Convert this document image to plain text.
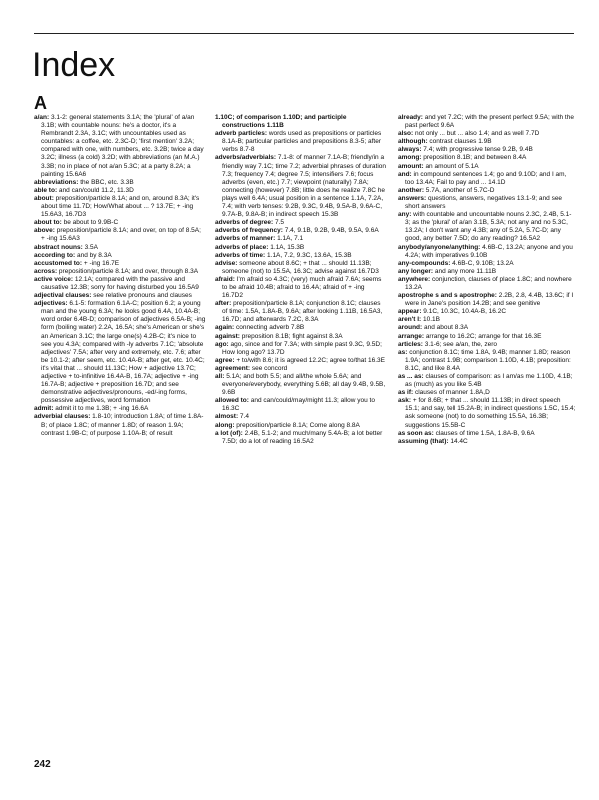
Index
A

a/an: 3.1-2: general statements 3.1A; the 'plural' of a/an 3.1B; with countable nouns: he's a doctor, it's a Rembrandt 2.3A, 3.1C; with uncountables used as countables: a coffee, etc. 2.3C-D; 'first mention' 3.2A; compared with one, with numbers, etc. 3.2B; twice a day 3.2C; illness (a cold) 3.2D; with abbreviations (an M.A.) 3.3B; no in place of not a/an 5.3C; at a party 8.2A; a painting 15.6A6

abbreviations: the BBC, etc. 3.3B

able to: and can/could 11.2, 11.3D

about: preposition/particle 8.1A; and on, around 8.3A; it's about time 11.7D; How/What about ... ? 13.7E; + -ing 15.6A3, 16.7D3

about to: be about to 9.9B-C

above: preposition/particle 8.1A; and over, on top of 8.5A; + -ing 15.6A3

abstract nouns: 3.5A

according to: and by 8.3A

accustomed to: + -ing 16.7E

across: preposition/particle 8.1A; and over, through 8.3A

active voice: 12.1A; compared with the passive and causative 12.3B; sorry for having disturbed you 16.5A9

adjectival clauses: see relative pronouns and clauses

adjectives: 6.1-5: formation 6.1A-C; position 6.2; a young man and the young 6.3A; he looks good 6.4A, 10.4A-B; word order 6.4B-D; comparison of adjectives 6.5A-B; -ing form (boiling water) 2.2A, 16.5A; she's American or she's an American 3.1C; the large one(s) 4.2B-C; it's nice to see you 4.3A; compared with -ly adverbs 7.1C; 'absolute adjectives' 7.5A; after very and extremely, etc. 7.6; after be 10.1-2; after seem, etc. 10.4A-B; after get, etc. 10.4C; it's vital that ... should 11.13C; How + adjective 13.7C; adjective + to-infinitive 16.4A-B, 16.7A; adjective + -ing 16.7A-B; adjective + preposition 16.7D; and see demonstrative adjectives/pronouns, -ed/-ing forms, possessive adjectives, word formation

admit: admit it to me 1.3B; + -ing 16.6A

adverbial clauses: 1.8-10; introduction 1.8A; of time 1.8A-B; of place 1.8C; of manner 1.8D; of reason 1.9A; contrast 1.9B-C; of purpose 1.10A-B; of result

1.10C; of comparison 1.10D; and participle constructions 1.11B

adverb particles: words used as prepositions or particles 8.1A-B; particular particles and prepositions 8.3-5; after verbs 8.7-8

adverbs/adverbials: 7.1-8: of manner 7.1A-B; friendly/in a friendly way 7.1C; time 7.2; adverbial phrases of duration 7.3; frequency 7.4; degree 7.5; intensifiers 7.6; focus adverbs (even, etc.) 7.7; viewpoint (naturally) 7.8A; connecting (however) 7.8B; little does he realize 7.8C he plays well 6.4A; usual position in a sentence 1.1A, 7.2A, 7.4; with verb tenses: 9.2B, 9.3C, 9.4B, 9.5A-B, 9.6A-C, 9.7A-B, 9.8A-B; in indirect speech 15.3B

adverbs of degree: 7.5

adverbs of frequency: 7.4, 9.1B, 9.2B, 9.4B, 9.5A, 9.6A

adverbs of manner: 1.1A, 7.1

adverbs of place: 1.1A, 15.3B

adverbs of time: 1.1A, 7.2, 9.3C, 13.6A, 15.3B

advise: someone about 8.6C; + that ... should 11.13B; someone (not) to 15.5A, 16.3C; advise against 16.7D3

afraid: I'm afraid so 4.3C; (very) much afraid 7.6A; seems to be afraid 10.4B; afraid to 16.4A; afraid of + -ing 16.7D2

after: preposition/particle 8.1A; conjunction 8.1C; clauses of time: 1.5A, 1.8A-B, 9.6A; after looking 1.11B, 16.5A3, 16.7D; and afterwards 7.2C, 8.3A

again: connecting adverb 7.8B

against: preposition 8.1B; fight against 8.3A

ago: ago, since and for 7.3A; with simple past 9.3C, 9.5D; How long ago? 13.7D

agree: + to/with 8.6; it is agreed 12.2C; agree to/that 16.3E

agreement: see concord

all: 5.1A; and both 5.5; and all/the whole 5.6A; and everyone/everybody, everything 5.6B; all day 9.4B, 9.5B, 9.6B

allowed to: and can/could/may/might 11.3; allow you to 16.3C

almost: 7.4

along: preposition/particle 8.1A; Come along 8.8A

a lot (of): 2.4B, 5.1-2; and much/many 5.4A-B; a lot better 7.5D; do a lot of reading 16.5A2

already: and yet 7.2C; with the present perfect 9.5A; with the past perfect 9.6A

also: not only ... but ... also 1.4; and as well 7.7D

although: contrast clauses 1.9B

always: 7.4; with progressive tense 9.2B, 9.4B

among: preposition 8.1B; and between 8.4A

amount: an amount of 5.1A

and: in compound sentences 1.4; go and 9.10D; and I am, too 13.4A; Fail to pay and ... 14.1D

another: 5.7A, another of 5.7C-D

answers: questions, answers, negatives 13.1-9; and see short answers

any: with countable and uncountable nouns 2.3C, 2.4B, 5.1-3; as the 'plural' of a/an 3.1B, 5.3A; not any and no 5.3C, 13.2A; I don't want any 4.3B; any of 5.2A, 5.7C-D; any good, any better 7.5D; do any reading? 16.5A2

anybody/anyone/anything: 4.6B-C, 13.2A; anyone and you 4.2A; with imperatives 9.10B

any-compounds: 4.6B-C, 9.10B; 13.2A

any longer: and any more 11.11B

anywhere: conjunction, clauses of place 1.8C; and nowhere 13.2A

apostrophe s and s apostrophe: 2.2B, 2.8, 4.4B, 13.6C; if I were in Jane's position 14.2B; and see genitive

appear: 9.1C, 10.3C, 10.4A-B, 16.2C

aren't I: 10.1B

around: and about 8.3A

arrange: arrange to 16.2C; arrange for that 16.3E

articles: 3.1-6; see a/an, the, zero

as: conjunction 8.1C; time 1.8A, 9.4B; manner 1.8D; reason 1.9A; contrast 1.9B; comparison 1.10D, 4.1B; preposition: 8.1C, and like 8.4A

as ... as: clauses of comparison: as I am/as me 1.10D, 4.1B; as (much) as you like 5.4B

as if: clauses of manner 1.8A,D

ask: + for 8.6B; + that ... should 11.13B; in direct speech 15.1; and say, tell 15.2A-B; in indirect questions 1.5C, 15.4; ask someone (not) to do something 15.5A, 16.3B; suggestions 15.5B-C

as soon as: clauses of time 1.5A, 1.8A-B, 9.6A

assuming (that): 14.4C

242
